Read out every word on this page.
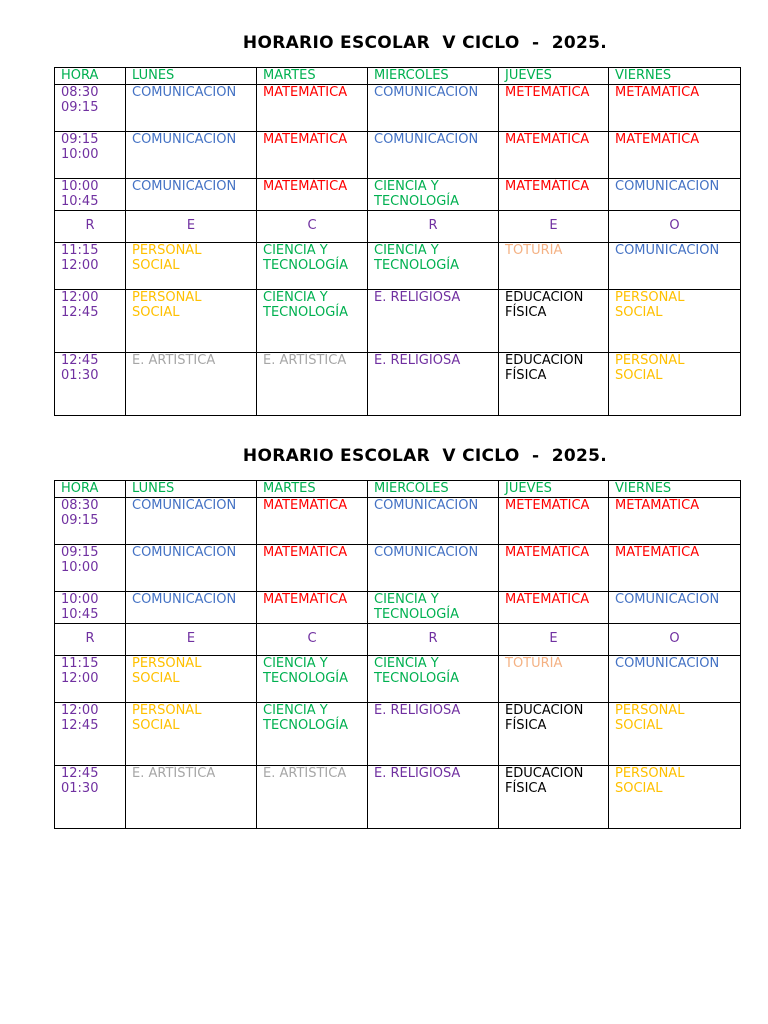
HORARIO ESCOLAR  V CICLO  -  2025.
HORA	LUNES	MARTES	MIERCOLES	JUEVES	VIERNES

08:30
09:15	COMUNICACIÓN	MATEMÁTICA	COMUNICACIÓN	METEMÁTICA	METAMÁTICA

09:15
10:00	COMUNICACIÓN	MATEMÁTICA	COMUNICACIÓN	MATEMÁTICA	MATEMÁTICA

10:00
10:45	COMUNICACIÓN	MATEMÁTICA	CIENCIA Y
TECNOLOGÍA	MATEMÁTICA	COMUNICACIÓN

R	E	C	R	E	O

11:15
12:00	PERSONAL
SOCIAL	CIENCIA Y
TECNOLOGÍA	CIENCIA Y
TECNOLOGÍA	TOTURÍA	COMUNICACIÓN

12:00
12:45	PERSONAL
SOCIAL	CIENCIA Y
TECNOLOGÍA	E. RELIGIOSA	EDUCACIÓN
FÍSICA	PERSONAL
SOCIAL

12:45
01:30	E. ARTÍSTICA	E. ARTÍSTICA	E. RELIGIOSA	EDUCACIÓN
FÍSICA	PERSONAL
SOCIAL
HORARIO ESCOLAR  V CICLO  -  2025.
HORA	LUNES	MARTES	MIERCOLES	JUEVES	VIERNES

08:30
09:15	COMUNICACIÓN	MATEMÁTICA	COMUNICACIÓN	METEMÁTICA	METAMÁTICA

09:15
10:00	COMUNICACIÓN	MATEMÁTICA	COMUNICACIÓN	MATEMÁTICA	MATEMÁTICA

10:00
10:45	COMUNICACIÓN	MATEMÁTICA	CIENCIA Y
TECNOLOGÍA	MATEMÁTICA	COMUNICACIÓN

R	E	C	R	E	O

11:15
12:00	PERSONAL
SOCIAL	CIENCIA Y
TECNOLOGÍA	CIENCIA Y
TECNOLOGÍA	TOTURÍA	COMUNICACIÓN

12:00
12:45	PERSONAL
SOCIAL	CIENCIA Y
TECNOLOGÍA	E. RELIGIOSA	EDUCACIÓN
FÍSICA	PERSONAL
SOCIAL

12:45
01:30	E. ARTÍSTICA	E. ARTÍSTICA	E. RELIGIOSA	EDUCACIÓN
FÍSICA	PERSONAL
SOCIAL
